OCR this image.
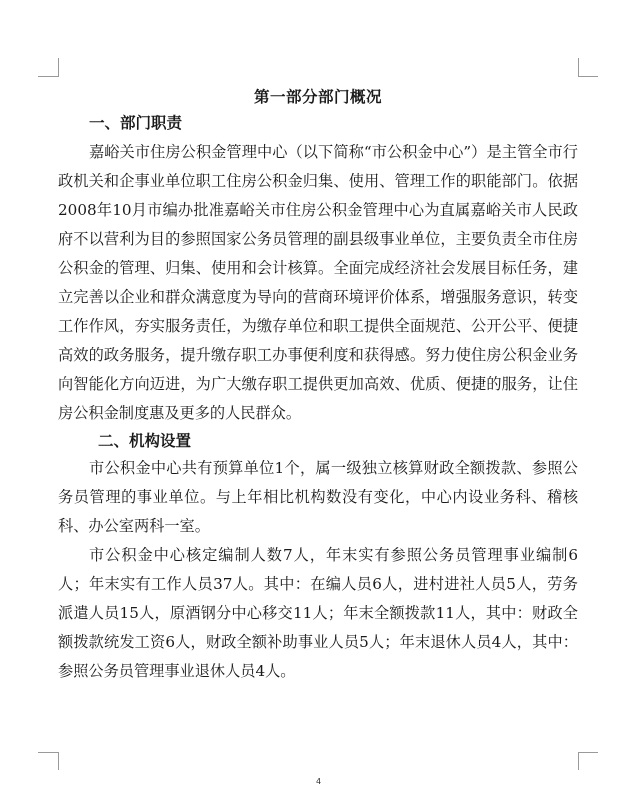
第一部分部门概况
一、部门职责

嘉峪关市住房公积金管理中心（以下简称“市公积金中心”）是主管全市行政机关和企事业单位职工住房公积金归集、使用、管理工作的职能部门。依据2008年10月市编办批准嘉峪关市住房公积金管理中心为直属嘉峪关市人民政府不以营利为目的参照国家公务员管理的副县级事业单位，主要负责全市住房公积金的管理、归集、使用和会计核算。全面完成经济社会发展目标任务，建立完善以企业和群众满意度为导向的营商环境评价体系，增强服务意识，转变工作作风，夯实服务责任，为缴存单位和职工提供全面规范、公开公平、便捷高效的政务服务，提升缴存职工办事便利度和获得感。努力使住房公积金业务向智能化方向迈进，为广大缴存职工提供更加高效、优质、便捷的服务，让住房公积金制度惠及更多的人民群众。

二、机构设置

市公积金中心共有预算单位1个，属一级独立核算财政全额拨款、参照公务员管理的事业单位。与上年相比机构数没有变化，中心内设业务科、稽核科、办公室两科一室。

市公积金中心核定编制人数7人，年末实有参照公务员管理事业编制6人；年末实有工作人员37人。其中：在编人员6人，进村进社人员5人，劳务派遣人员15人，原酒钢分中心移交11人；年末全额拨款11人，其中：财政全额拨款统发工资6人，财政全额补助事业人员5人；年末退休人员4人，其中：参照公务员管理事业退休人员4人。

4
